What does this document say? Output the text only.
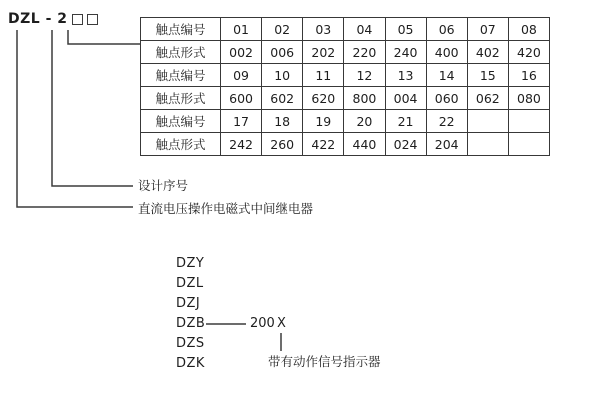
DZL - 2
触点编号	01	02	03	04	05	06	07	08
触点形式	002	006	202	220	240	400	402	420
触点编号	09	10	11	12	13	14	15	16
触点形式	600	602	620	800	004	060	062	080
触点编号	17	18	19	20	21	22		
触点形式	242	260	422	440	024	204		
设计序号
直流电压操作电磁式中间继电器
DZY
DZL
DZJ
DZB
DZS
DZK
200 X
带有动作信号指示器
